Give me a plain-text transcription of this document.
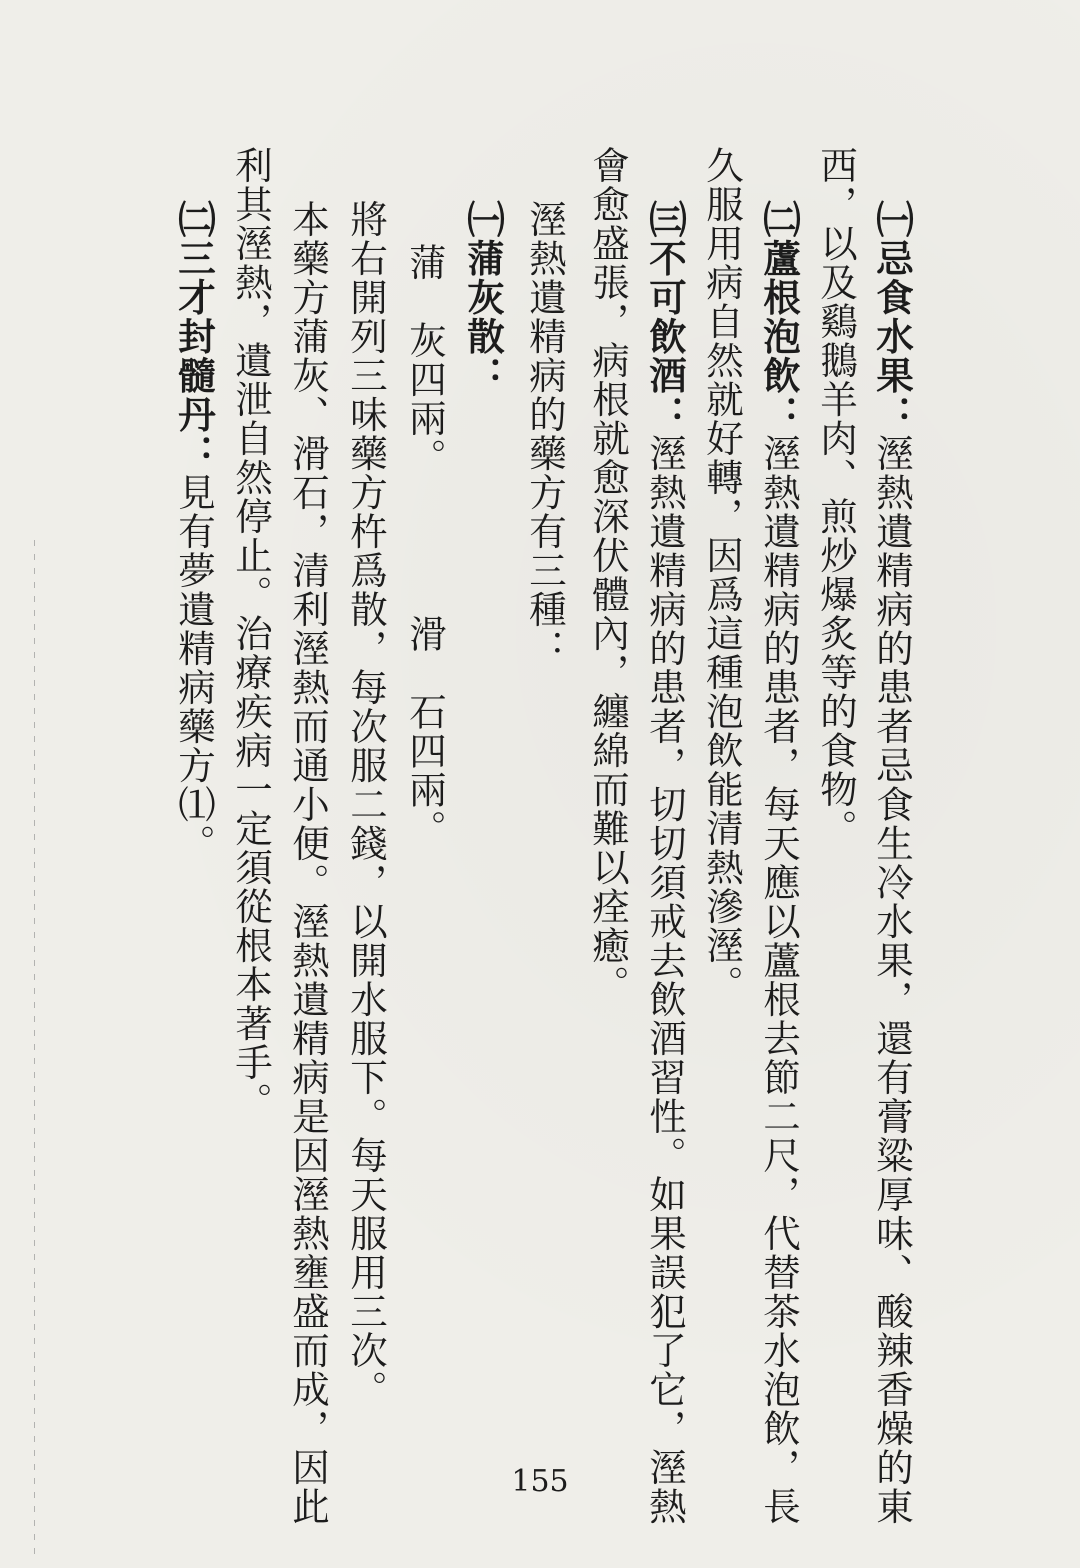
㈠忌食水果：溼熱遺精病的患者忌食生冷水果，還有膏粱厚味、酸辣香燥的東
西，以及鷄鵝羊肉、煎炒爆炙等的食物。
㈡蘆根泡飲：溼熱遺精病的患者，每天應以蘆根去節二尺，代替茶水泡飲，長
久服用病自然就好轉，因爲這種泡飲能清熱滲溼。
㈢不可飲酒：溼熱遺精病的患者，切切須戒去飲酒習性。如果誤犯了它，溼熱
會愈盛張，病根就愈深伏體內，纏綿而難以痊癒。
溼熱遺精病的藥方有三種：
㈠蒲灰散：
蒲　灰四兩。　　　　滑　石四兩。
將右開列三味藥方杵爲散，每次服二錢，以開水服下。每天服用三次。
本藥方蒲灰、滑石，清利溼熱而通小便。溼熱遺精病是因溼熱壅盛而成，因此
利其溼熱，遺泄自然停止。治療疾病一定須從根本著手。
㈡三才封髓丹：見有夢遺精病藥方⑴。
155
